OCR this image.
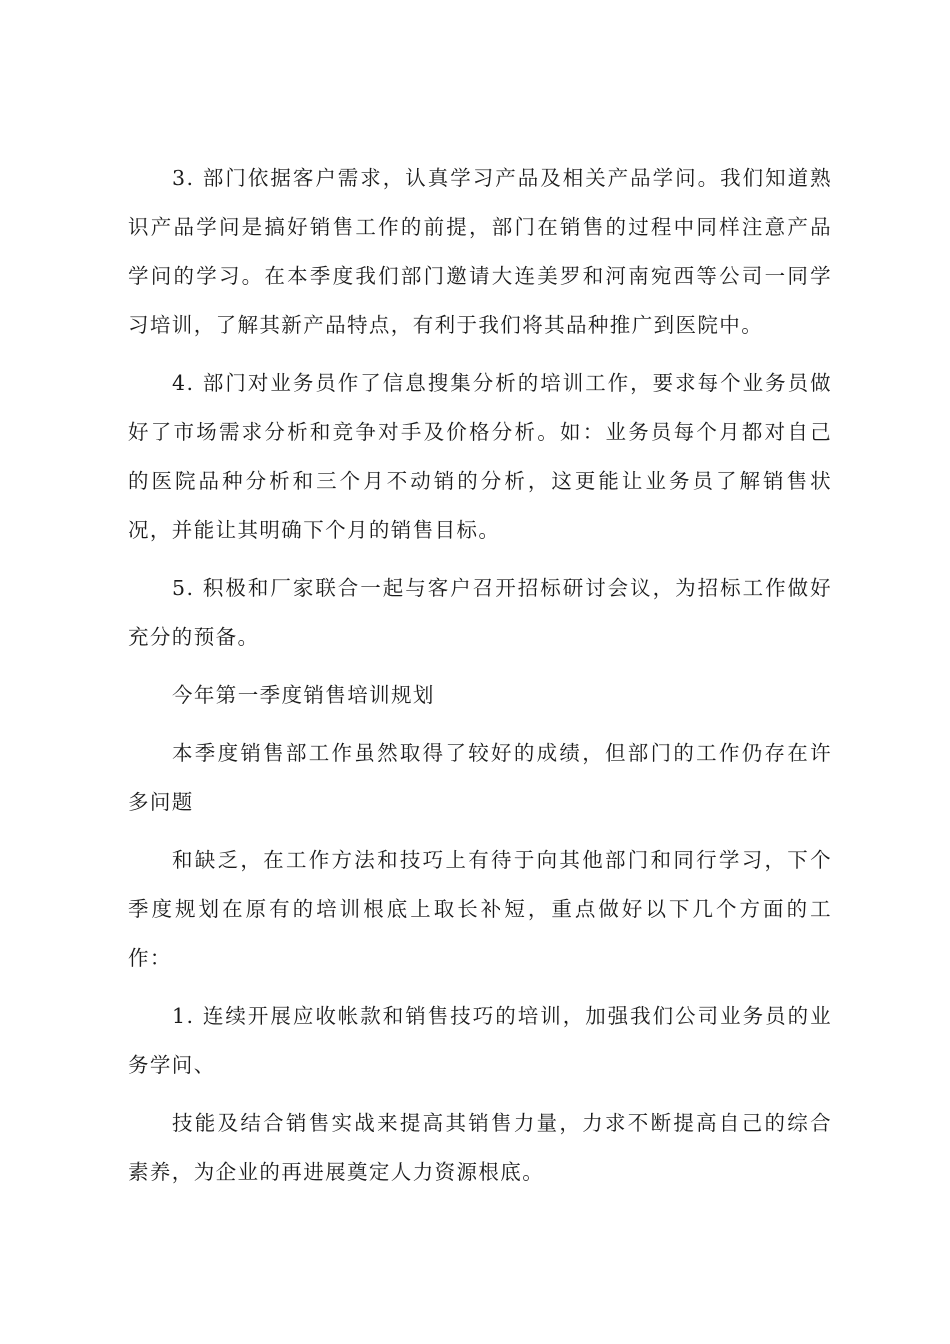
3. 部门依据客户需求，认真学习产品及相关产品学问。我们知道熟
识产品学问是搞好销售工作的前提，部门在销售的过程中同样注意产品
学问的学习。在本季度我们部门邀请大连美罗和河南宛西等公司一同学
习培训，了解其新产品特点，有利于我们将其品种推广到医院中。
4. 部门对业务员作了信息搜集分析的培训工作，要求每个业务员做
好了市场需求分析和竞争对手及价格分析。如：业务员每个月都对自己
的医院品种分析和三个月不动销的分析，这更能让业务员了解销售状
况，并能让其明确下个月的销售目标。
5. 积极和厂家联合一起与客户召开招标研讨会议，为招标工作做好
充分的预备。
今年第一季度销售培训规划
本季度销售部工作虽然取得了较好的成绩，但部门的工作仍存在许
多问题
和缺乏，在工作方法和技巧上有待于向其他部门和同行学习，下个
季度规划在原有的培训根底上取长补短，重点做好以下几个方面的工
作：
1. 连续开展应收帐款和销售技巧的培训，加强我们公司业务员的业
务学问、
技能及结合销售实战来提高其销售力量，力求不断提高自己的综合
素养，为企业的再进展奠定人力资源根底。
